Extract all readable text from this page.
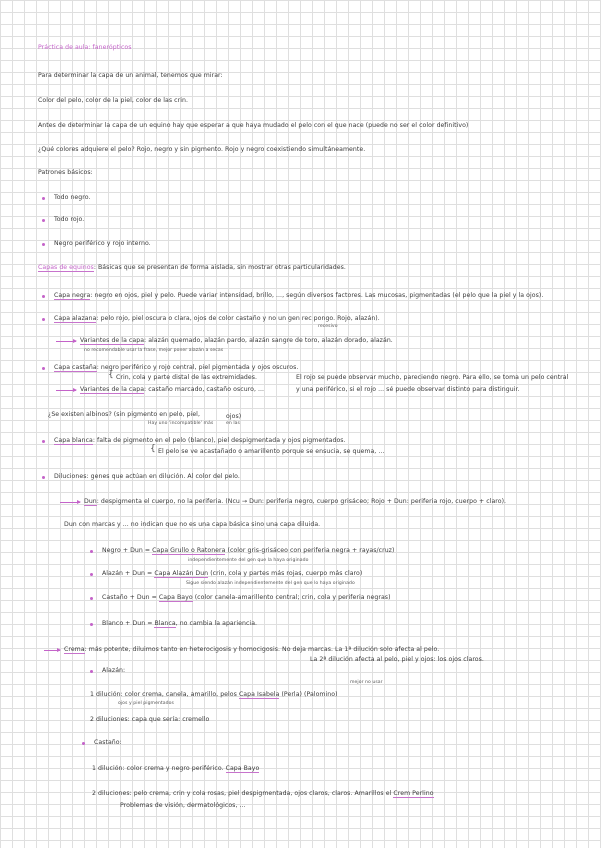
Práctica de aula: fanerópticos
Para determinar la capa de un animal, tenemos que mirar:
Color del pelo, color de la piel, color de las crin.
Antes de determinar la capa de un equino hay que esperar a que haya mudado el pelo con el que nace (puede no ser el color definitivo)
¿Qué colores adquiere el pelo? Rojo, negro y sin pigmento. Rojo y negro coexistiendo simultáneamente.
Patrones básicos:
Todo negro.
Todo rojo.
Negro periférico y rojo interno.
Capas de equinos: Básicas que se presentan de forma aislada, sin mostrar otras particularidades.
Capa negra: negro en ojos, piel y pelo. Puede variar intensidad, brillo, ..., según diversos factores. Las mucosas, pigmentadas (el pelo que la piel y la ojos).
Capa alazana: pelo rojo, piel oscura o clara, ojos de color castaño y no un gen rec pongo. Rojo, alazán).
recesivo
Variantes de la capa: alazán quemado, alazán pardo, alazán sangre de toro, alazán dorado, alazán.
no recomendable usar la frase, mejor poner alazán a secas
Capa castaña: negro periférico y rojo central, piel pigmentada y ojos oscuros.
{ Crin, cola y parte distal de las extremidades.	El rojo se puede observar mucho, pareciendo negro. Para ello, se toma un pelo central
Variantes de la capa: castaño marcado, castaño oscuro, ...	y una periférico, si el rojo ... sé puede observar distinto para distinguir.
¿Se existen albinos? (sin pigmento en pelo, piel,	ojos)
Hay uno 'incompatible' más	en las
Capa blanca: falta de pigmento en el pelo (blanco), piel despigmentada y ojos pigmentados.
{ El pelo se ve acastañado o amarillento porque se ensucia, se quema, ...
Diluciones: genes que actúan en dilución. Al color del pelo.
Dun: despigmenta el cuerpo, no la periferia. (Ncu → Dun: periferia negro, cuerpo grisáceo; Rojo + Dun: periferia rojo, cuerpo + claro).
Dun con marcas y ... no indican que no es una capa básica sino una capa diluida.
Negro + Dun = Capa Grullo o Ratonera (color gris-grisáceo con periferia negra + rayas/cruz)
independientemente del gen que la haya originado
Alazán + Dun = Capa Alazán Dun (crin, cola y partes más rojas, cuerpo más claro)
Sigue siendo alazán independientemente del gen que lo haya originado
Castaño + Dun = Capa Bayo (color canela-amarillento central; crin, cola y periferia negras)
Blanco + Dun = Blanca, no cambia la apariencia.
Crema: más potente, diluimos tanto en heterocigosis y homocigosis. No deja marcas. La 1ª dilución solo afecta al pelo.
La 2ª dilución afecta al pelo, piel y ojos: los ojos claros.
Alazán:
mejor no usar
1 dilución: color crema, canela, amarillo, pelos Capa Isabela (Perla) (Palomino)
ojos y piel pigmentados
2 diluciones: capa que sería: cremello
Castaño:
1 dilución: color crema y negro periférico. Capa Bayo
2 diluciones: pelo crema, crin y cola rosas, piel despigmentada, ojos claros, claros. Amarillos el Crem Perlino
Problemas de visión, dermatológicos, ...
